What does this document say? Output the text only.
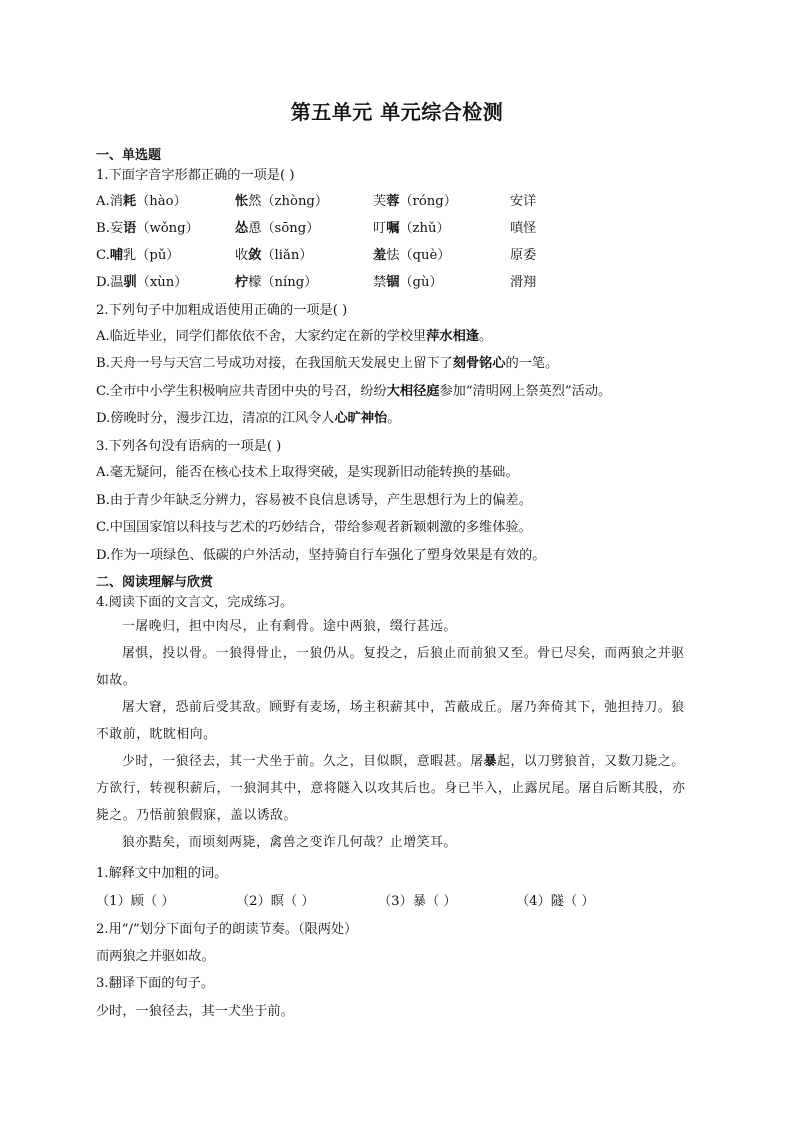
第五单元 单元综合检测
一、单选题
1.下面字音字形都正确的一项是( )
A.消耗（hào）	怅然（zhòng）	芙蓉（róng）	安详
B.妄语（wǒng）	怂恿（sōng）	叮嘱（zhǔ）	嗔怪
C.哺乳（pǔ）	收敛（liǎn）	羞怯（què）	原委
D.温驯（xùn）	柠檬（níng）	禁锢（gù）	滑翔
2.下列句子中加粗成语使用正确的一项是( )
A.临近毕业，同学们都依依不舍，大家约定在新的学校里萍水相逢。
B.天舟一号与天宫二号成功对接，在我国航天发展史上留下了刻骨铭心的一笔。
C.全市中小学生积极响应共青团中央的号召，纷纷大相径庭参加“清明网上祭英烈”活动。
D.傍晚时分，漫步江边，清凉的江风令人心旷神怡。
3.下列各句没有语病的一项是( )
A.毫无疑问，能否在核心技术上取得突破，是实现新旧动能转换的基础。
B.由于青少年缺乏分辨力，容易被不良信息诱导，产生思想行为上的偏差。
C.中国国家馆以科技与艺术的巧妙结合，带给参观者新颖刺激的多维体验。
D.作为一项绿色、低碳的户外活动，坚持骑自行车强化了塑身效果是有效的。
二、阅读理解与欣赏
4.阅读下面的文言文，完成练习。

一屠晚归，担中肉尽，止有剩骨。途中两狼，缀行甚远。

屠惧，投以骨。一狼得骨止，一狼仍从。复投之，后狼止而前狼又至。骨已尽矣，而两狼之并驱如故。

屠大窘，恐前后受其敌。顾野有麦场，场主积薪其中，苫蔽成丘。屠乃奔倚其下，弛担持刀。狼不敢前，眈眈相向。

少时，一狼径去，其一犬坐于前。久之，目似瞑，意暇甚。屠暴起，以刀劈狼首，又数刀毙之。方欲行，转视积薪后，一狼洞其中，意将隧入以攻其后也。身已半入，止露尻尾。屠自后断其股，亦毙之。乃悟前狼假寐，盖以诱敌。

狼亦黠矣，而顷刻两毙，禽兽之变诈几何哉？止增笑耳。

1.解释文中加粗的词。
（1）顾（ ）	（2）瞑（ ）	（3）暴（ ）	（4）隧（ ）
2.用“/”划分下面句子的朗读节奏。（限两处）
而两狼之并驱如故。
3.翻译下面的句子。
少时，一狼径去，其一犬坐于前。
